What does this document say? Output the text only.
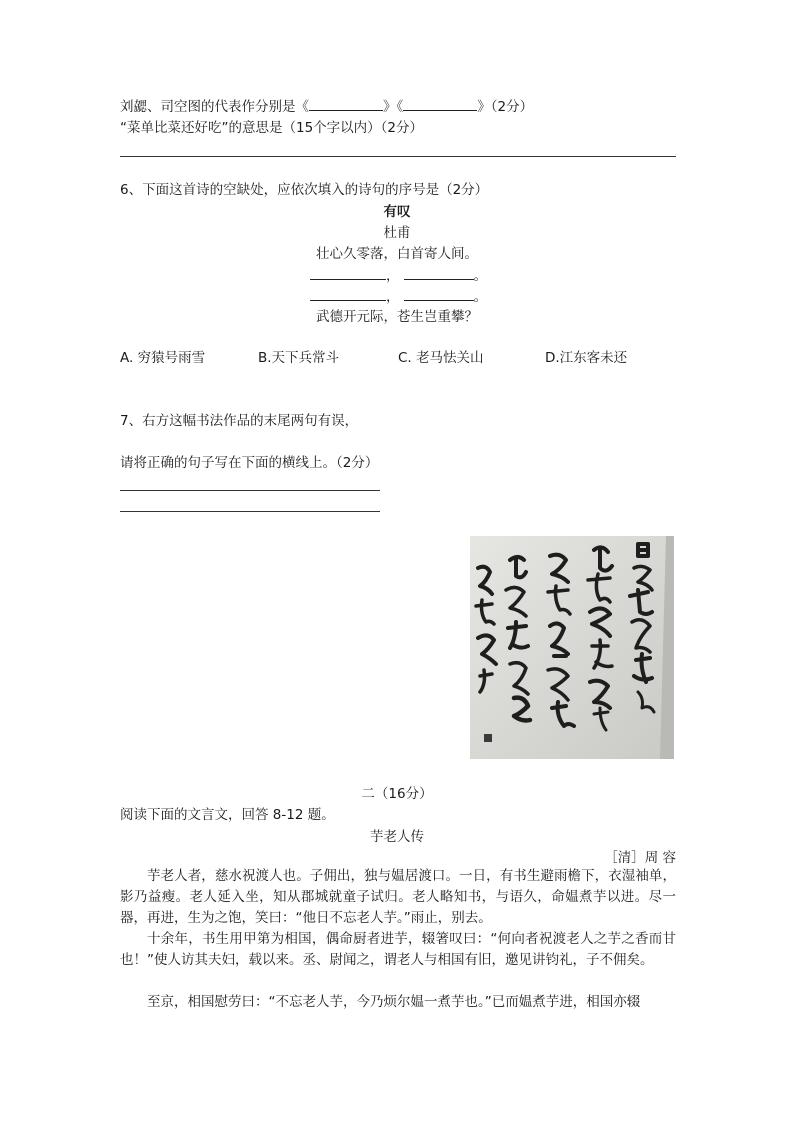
刘勰、司空图的代表作分别是《	》《	》（2分）
“菜单比菜还好吃”的意思是（15个字以内）（2分）
6、下面这首诗的空缺处，应依次填入的诗句的序号是（2分）
有叹
杜甫
壮心久零落，白首寄人间。
，	。
，	。
武德开元际，苍生岂重攀？
A. 穷猿号雨雪	B.天下兵常斗	C. 老马怯关山	D.江东客未还
7、右方这幅书法作品的末尾两句有误，
请将正确的句子写在下面的横线上。（2分）
二（16分）
阅读下面的文言文，回答 8-12 题。
芋老人传
［清］周 容
芋老人者，慈水祝渡人也。子佣出，独与媪居渡口。一日，有书生避雨檐下，衣湿袖单，影乃益瘦。老人延入坐，知从郡城就童子试归。老人略知书，与语久，命媪煮芋以进。尽一器，再进，生为之饱，笑曰：“他日不忘老人芋。”雨止，别去。
十余年，书生用甲第为相国，偶命厨者进芋，辍箸叹曰：“何向者祝渡老人之芋之香而甘也！”使人访其夫妇，载以来。丞、尉闻之，谓老人与相国有旧，邀见讲钧礼，子不佣矣。
至京，相国慰劳曰：“不忘老人芋，今乃烦尔媪一煮芋也。”已而媪煮芋进，相国亦辍
